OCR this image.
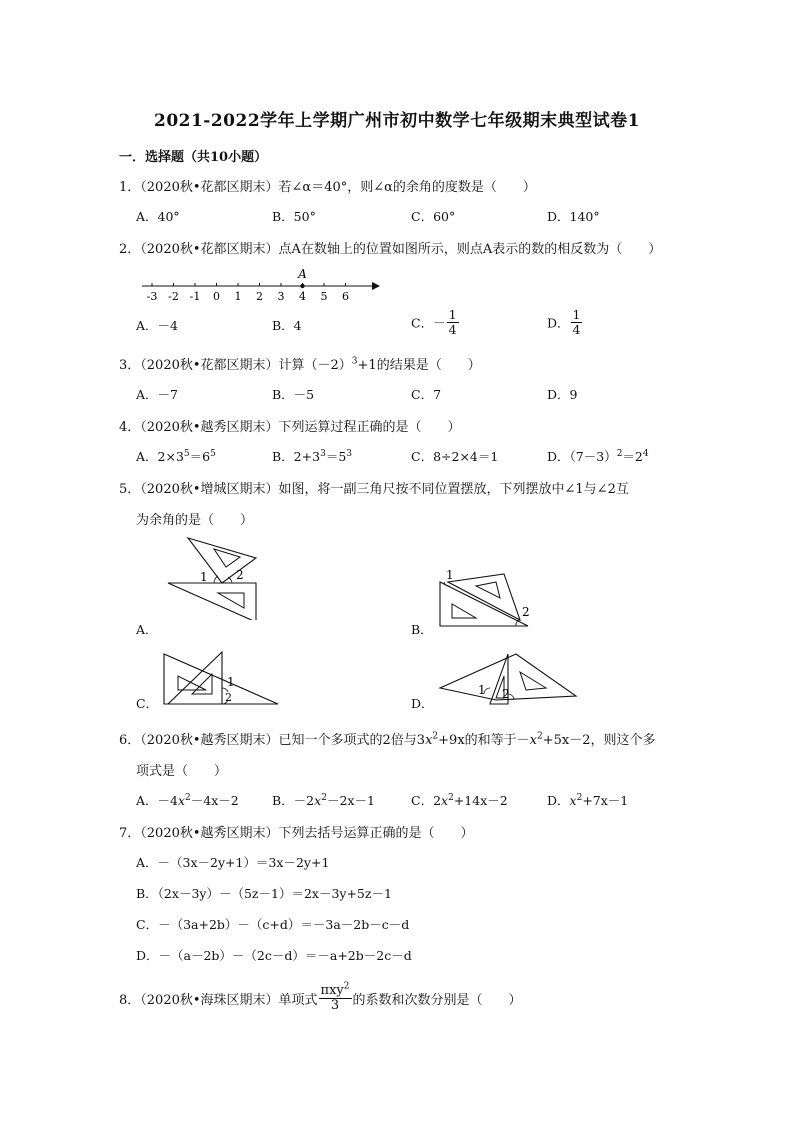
2021-2022学年上学期广州市初中数学七年级期末典型试卷1
一．选择题（共10小题）
1．（2020秋•花都区期末）若∠α＝40°，则∠α的余角的度数是（　　）
A．40°	B．50°	C．60°	D．140°
2．（2020秋•花都区期末）点A在数轴上的位置如图所示，则点A表示的数的相反数为（　　）
-3 -2 -1 0 1 2 3 4 5 6
A
A．－4	B．4	C．－ $\frac{1}{4}$	D． $\frac{1}{4}$
3．（2020秋•花都区期末）计算$(-2)^3+1$的结果是（　　）
A．－7	B．－5	C．7	D．9
4．（2020秋•越秀区期末）下列运算过程正确的是（　　）
A．$2\times 3^5=6^5$	B．$2+3^3=5^3$	C．8÷2×4＝1	D．$(7-3)^2=2^4$
5．（2020秋•增城区期末）如图，将一副三角尺按不同位置摆放，下列摆放中∠1与∠2互
为余角的是（　　）
A．
1 2
B．
1
2
C．
1
2	D．
1 2
6．（2020秋•越秀区期末）已知一个多项式的2倍与$3x^2+9x$的和等于$-x^2+5x-2$，则这个多
项式是（　　）
A．$-4x^2-4x-2$	B．$-2x^2-2x-1$	C．$2x^2+14x-2$	D．$x^2+7x-1$
7．（2020秋•越秀区期末）下列去括号运算正确的是（　　）
A．－（3x－2y+1）＝3x－2y+1
B．（2x－3y）－（5z－1）＝2x－3y+5z－1
C．－（3a+2b）－（c+d）＝－3a－2b－c－d
D．－（a－2b）－（2c－d）＝－a+2b－2c－d
8．（2020秋•海珠区期末）单项式 $\frac{\pi xy^2}{3}$ 的系数和次数分别是（　　）
